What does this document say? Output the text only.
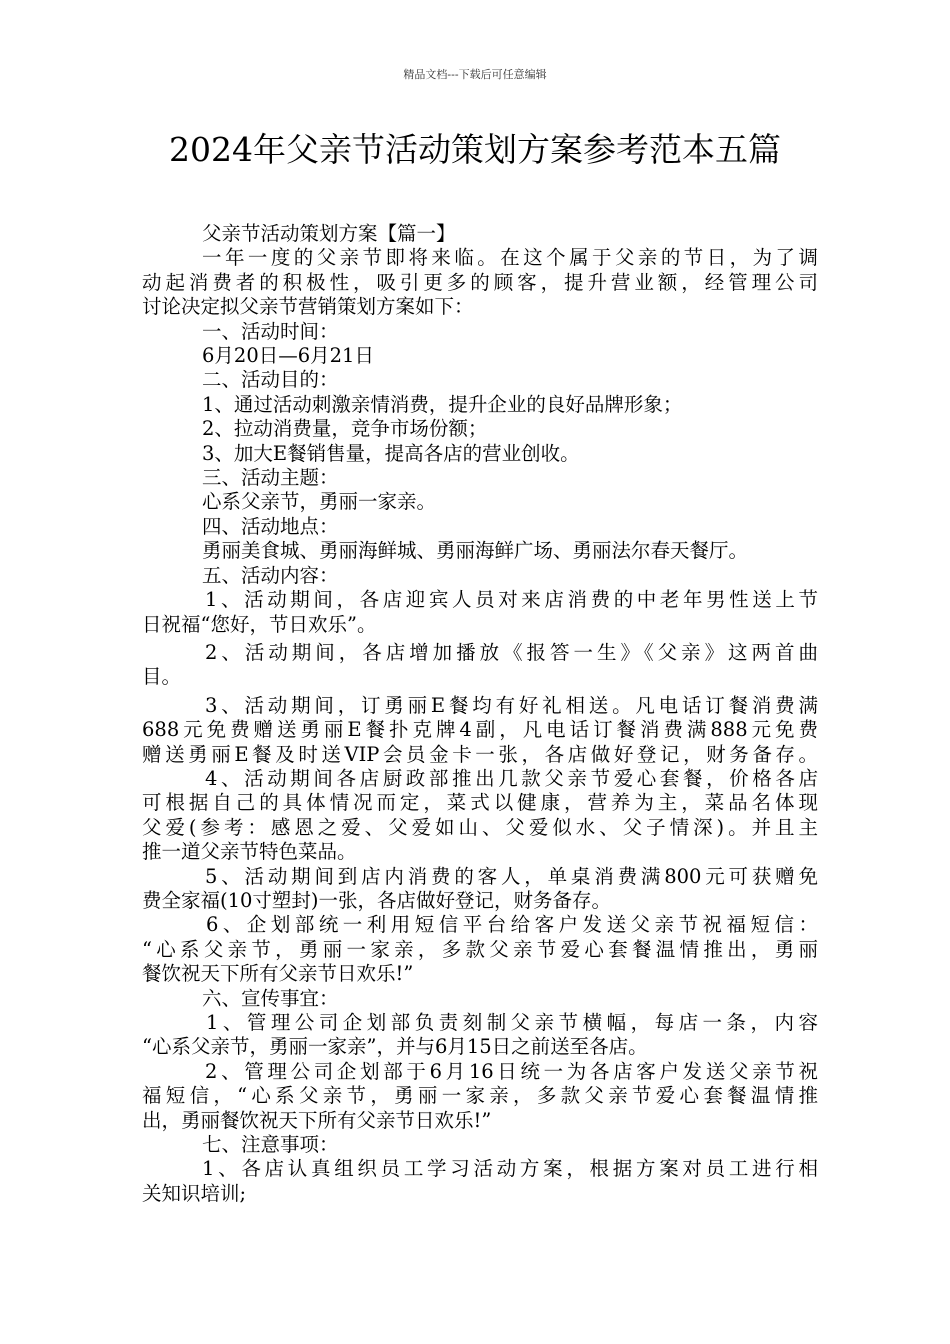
精品文档---下载后可任意编辑
2024年父亲节活动策划方案参考范本五篇

父亲节活动策划方案【篇一】

一年一度的父亲节即将来临。在这个属于父亲的节日，为了调

动起消费者的积极性，吸引更多的顾客，提升营业额，经管理公司

讨论决定拟父亲节营销策划方案如下：

一、活动时间：

6月20日—6月21日

二、活动目的：

1、通过活动刺激亲情消费，提升企业的良好品牌形象；

2、拉动消费量，竞争市场份额；

3、加大E餐销售量，提高各店的营业创收。

三、活动主题：

心系父亲节，勇丽一家亲。

四、活动地点：

勇丽美食城、勇丽海鲜城、勇丽海鲜广场、勇丽法尔春天餐厅。

五、活动内容：

1、活动期间，各店迎宾人员对来店消费的中老年男性送上节

日祝福“您好，节日欢乐”。

2、活动期间，各店增加播放《报答一生》《父亲》这两首曲

目。

3、活动期间，订勇丽E餐均有好礼相送。凡电话订餐消费满

688元免费赠送勇丽E餐扑克牌4副，凡电话订餐消费满888元免费

赠送勇丽E餐及时送VIP会员金卡一张，各店做好登记，财务备存。

4、活动期间各店厨政部推出几款父亲节爱心套餐，价格各店

可根据自己的具体情况而定，菜式以健康，营养为主，菜品名体现

父爱(参考：感恩之爱、父爱如山、父爱似水、父子情深)。并且主

推一道父亲节特色菜品。

5、活动期间到店内消费的客人，单桌消费满800元可获赠免

费全家福(10寸塑封)一张，各店做好登记，财务备存。

6、企划部统一利用短信平台给客户发送父亲节祝福短信：

“心系父亲节，勇丽一家亲，多款父亲节爱心套餐温情推出，勇丽

餐饮祝天下所有父亲节日欢乐!”

六、宣传事宜：

1、管理公司企划部负责刻制父亲节横幅，每店一条，内容

“心系父亲节，勇丽一家亲”，并与6月15日之前送至各店。

2、管理公司企划部于6月16日统一为各店客户发送父亲节祝

福短信，“心系父亲节，勇丽一家亲，多款父亲节爱心套餐温情推

出，勇丽餐饮祝天下所有父亲节日欢乐!”

七、注意事项：

1、各店认真组织员工学习活动方案，根据方案对员工进行相

关知识培训;
